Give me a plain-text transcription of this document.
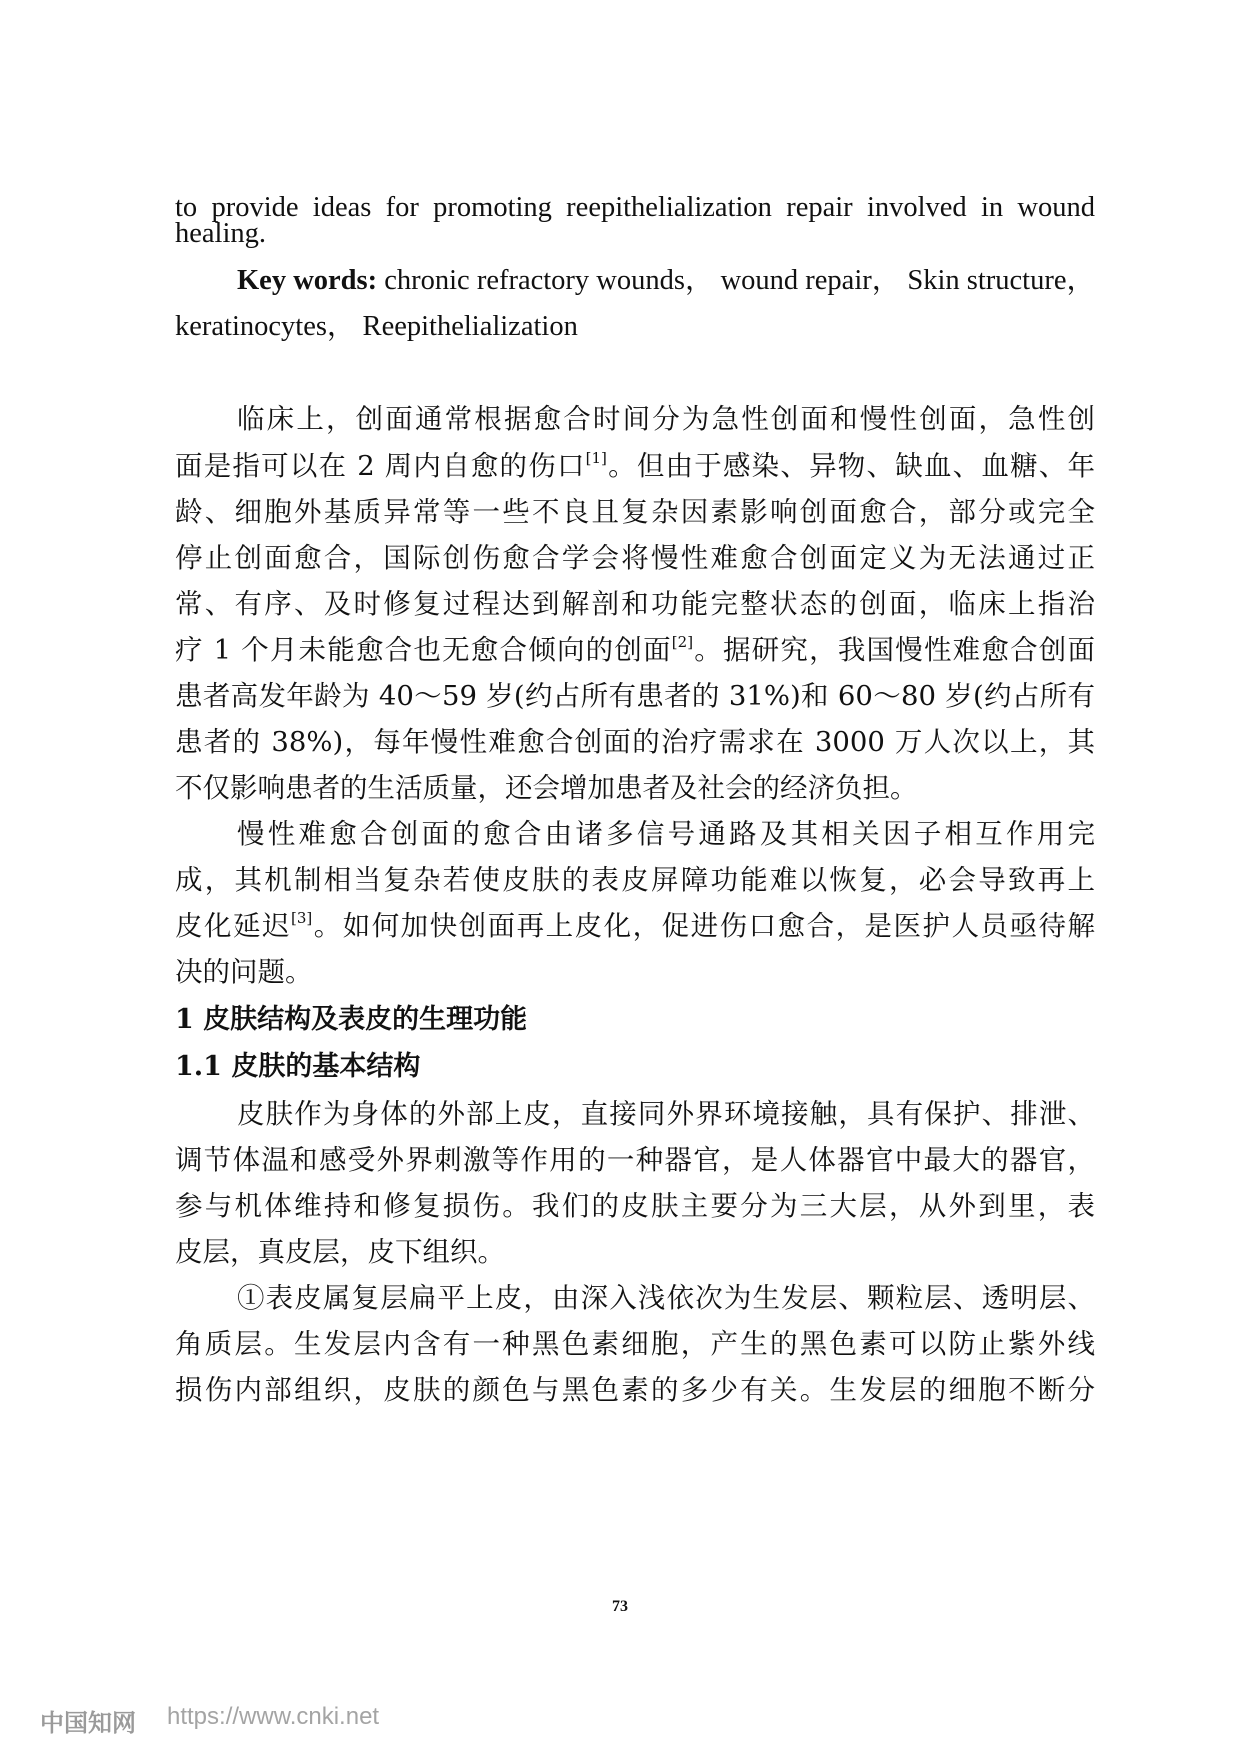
to provide ideas for promoting reepithelialization repair involved in wound
healing.
Key words: chronic refractory wounds， wound repair， Skin structure，
keratinocytes， Reepithelialization
临床上，创面通常根据愈合时间分为急性创面和慢性创面，急性创
面是指可以在 2 周内自愈的伤口[1]。但由于感染、异物、缺血、血糖、年
龄、细胞外基质异常等一些不良且复杂因素影响创面愈合，部分或完全
停止创面愈合，国际创伤愈合学会将慢性难愈合创面定义为无法通过正
常、有序、及时修复过程达到解剖和功能完整状态的创面，临床上指治
疗 1 个月未能愈合也无愈合倾向的创面[2]。据研究，我国慢性难愈合创面
患者高发年龄为 40～59 岁(约占所有患者的 31%)和 60～80 岁(约占所有
患者的 38%)，每年慢性难愈合创面的治疗需求在 3000 万人次以上，其
不仅影响患者的生活质量，还会增加患者及社会的经济负担。
慢性难愈合创面的愈合由诸多信号通路及其相关因子相互作用完
成，其机制相当复杂若使皮肤的表皮屏障功能难以恢复，必会导致再上
皮化延迟[3]。如何加快创面再上皮化，促进伤口愈合，是医护人员亟待解
决的问题。
1 皮肤结构及表皮的生理功能
1.1 皮肤的基本结构
皮肤作为身体的外部上皮，直接同外界环境接触，具有保护、排泄、
调节体温和感受外界刺激等作用的一种器官，是人体器官中最大的器官，
参与机体维持和修复损伤。我们的皮肤主要分为三大层，从外到里，表
皮层，真皮层，皮下组织。
①表皮属复层扁平上皮，由深入浅依次为生发层、颗粒层、透明层、
角质层。生发层内含有一种黑色素细胞，产生的黑色素可以防止紫外线
损伤内部组织，皮肤的颜色与黑色素的多少有关。生发层的细胞不断分
73
中国知网 https://www.cnki.net
